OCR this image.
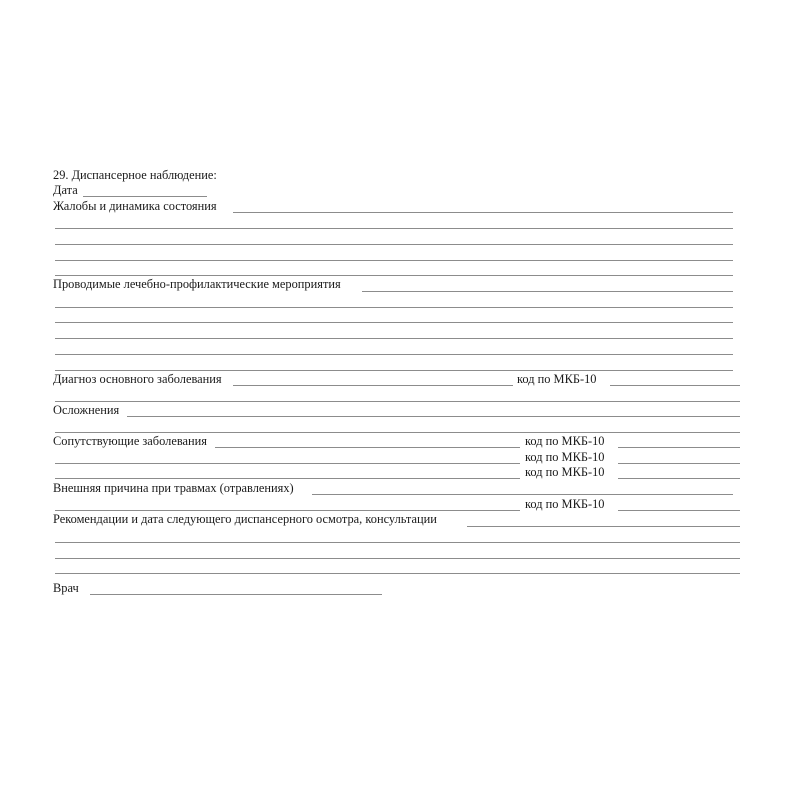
29. Диспансерное наблюдение:
Дата
Жалобы и динамика состояния
Проводимые лечебно-профилактические мероприятия
Диагноз основного заболевания	код по МКБ-10
Осложнения
Сопутствующие заболевания	код по МКБ-10
код по МКБ-10
код по МКБ-10
Внешняя причина при травмах (отравлениях)
код по МКБ-10
Рекомендации и дата следующего диспансерного осмотра, консультации
Врач
